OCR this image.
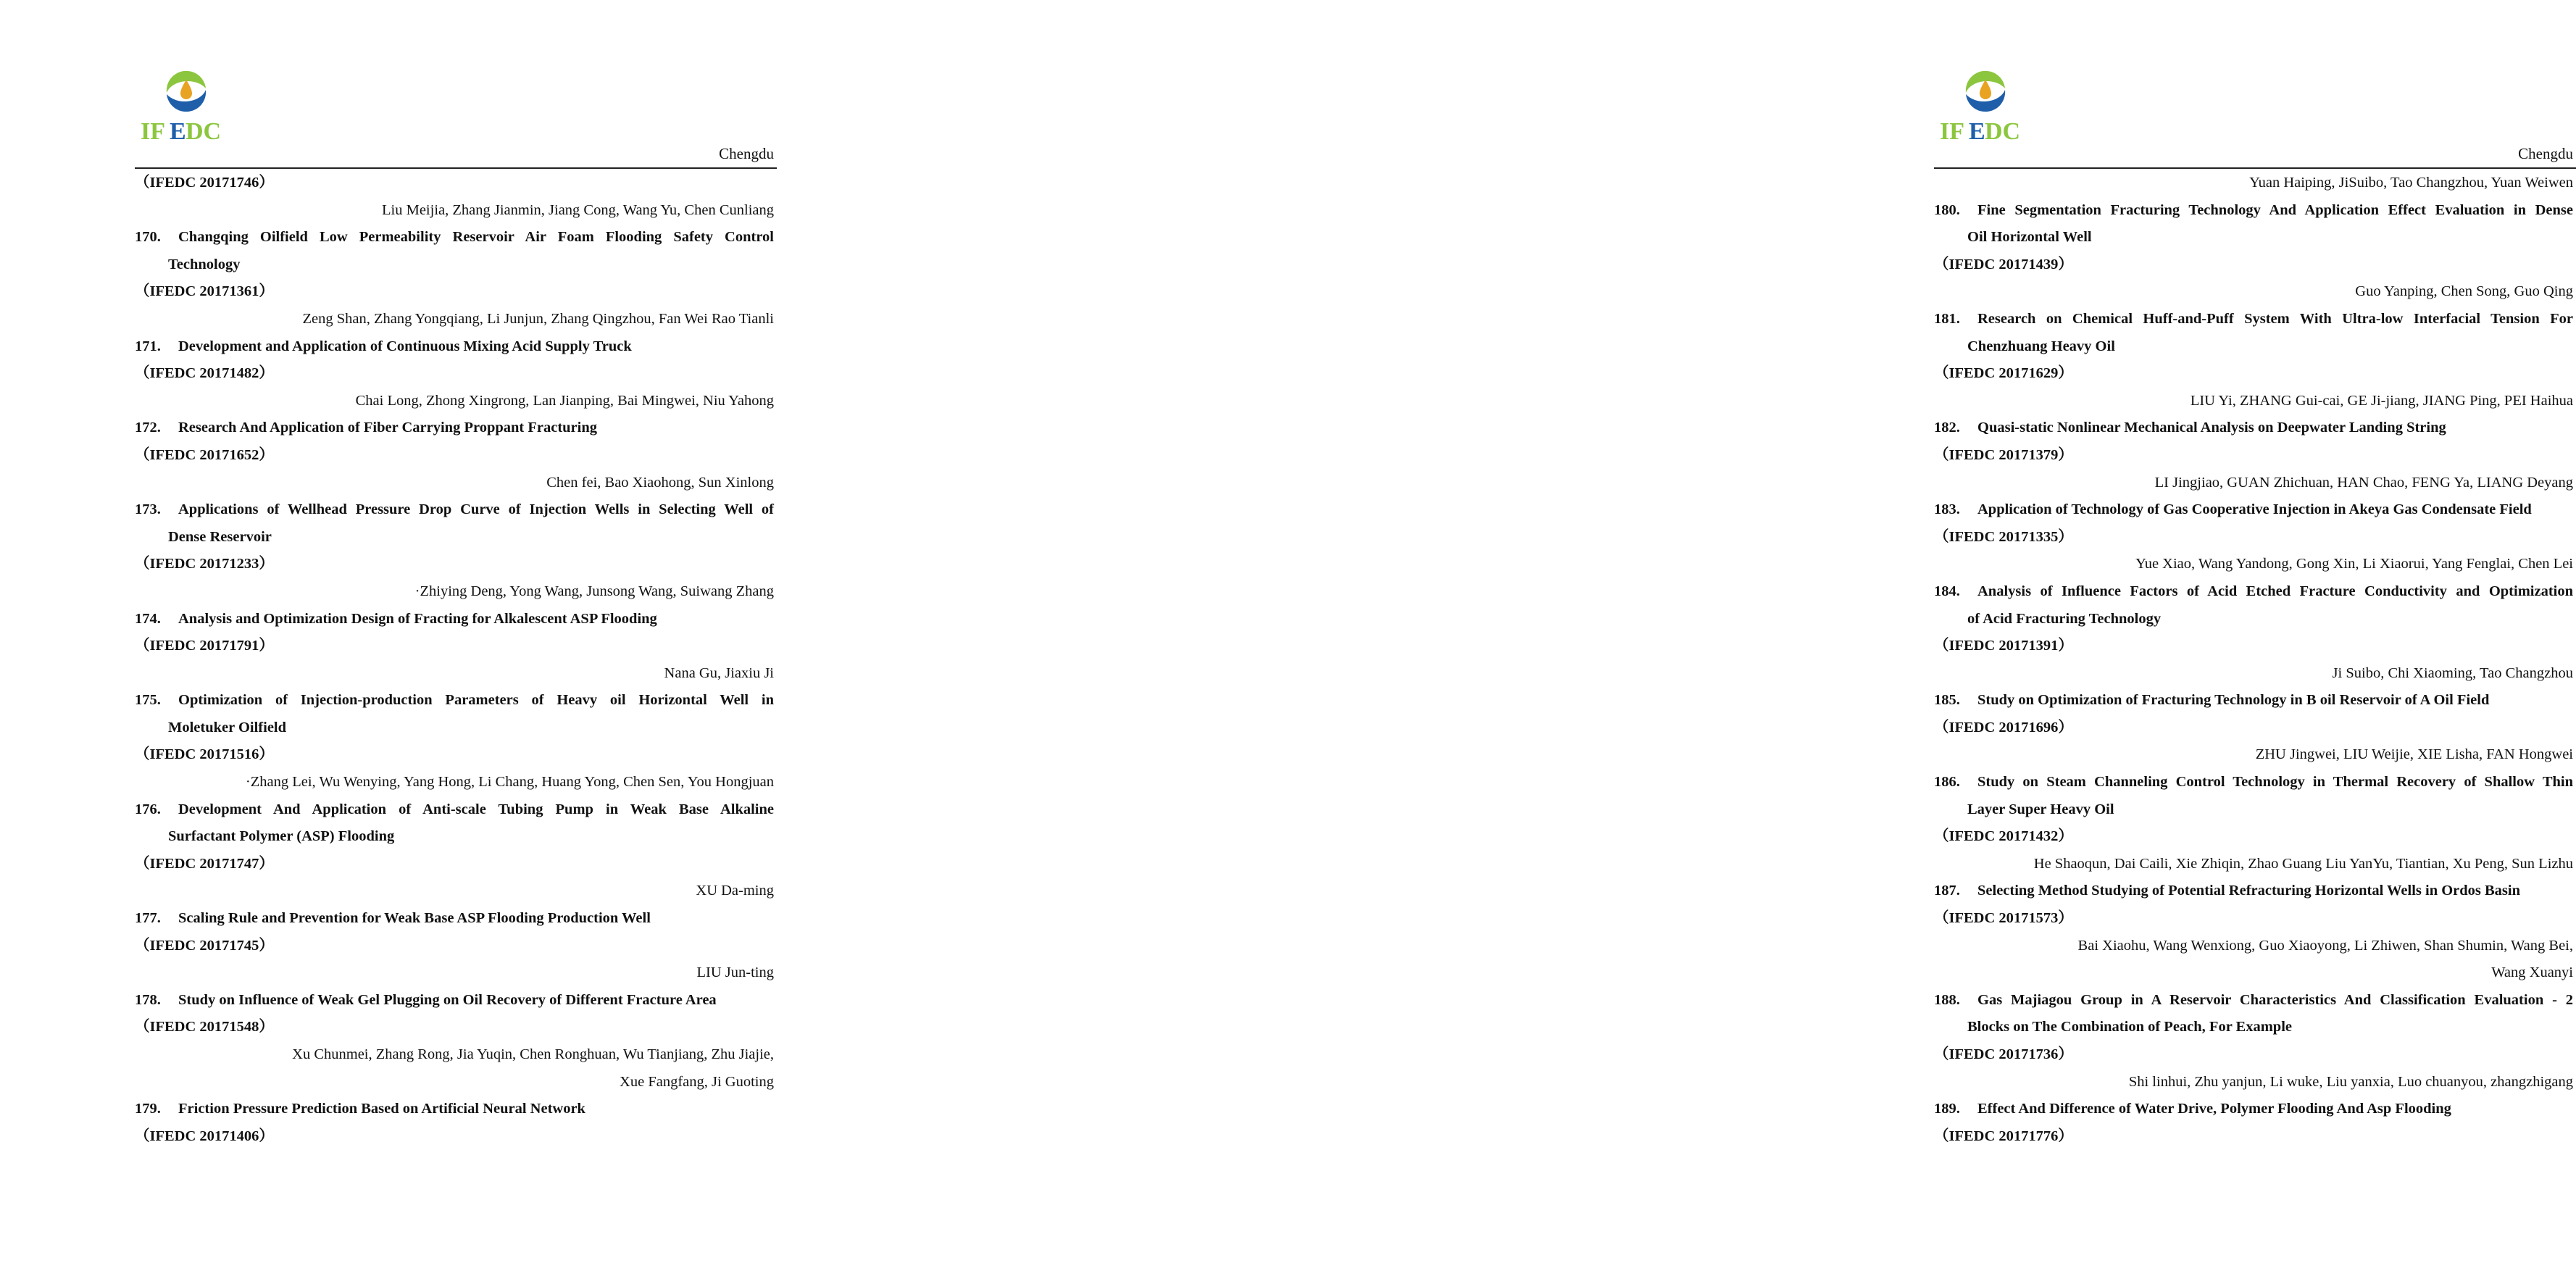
IF E DC
Chengdu
（IFEDC 20171746）
Liu Meijia, Zhang Jianmin, Jiang Cong, Wang Yu, Chen Cunliang
170. Changqing Oilfield Low Permeability Reservoir Air Foam Flooding Safety Control
Technology
（IFEDC 20171361）
Zeng Shan, Zhang Yongqiang, Li Junjun, Zhang Qingzhou, Fan Wei Rao Tianli
171. Development and Application of Continuous Mixing Acid Supply Truck
（IFEDC 20171482）
Chai Long, Zhong Xingrong, Lan Jianping, Bai Mingwei, Niu Yahong
172. Research And Application of Fiber Carrying Proppant Fracturing
（IFEDC 20171652）
Chen fei, Bao Xiaohong, Sun Xinlong
173. Applications of Wellhead Pressure Drop Curve of Injection Wells in Selecting Well of
Dense Reservoir
（IFEDC 20171233）
·Zhiying Deng, Yong Wang, Junsong Wang, Suiwang Zhang
174. Analysis and Optimization Design of Fracting for Alkalescent ASP Flooding
（IFEDC 20171791）
Nana Gu, Jiaxiu Ji
175. Optimization of Injection-production Parameters of Heavy oil Horizontal Well in
Moletuker Oilfield
（IFEDC 20171516）
·Zhang Lei, Wu Wenying, Yang Hong, Li Chang, Huang Yong, Chen Sen, You Hongjuan
176. Development And Application of Anti-scale Tubing Pump in Weak Base Alkaline
Surfactant Polymer (ASP) Flooding
（IFEDC 20171747）
XU Da-ming
177. Scaling Rule and Prevention for Weak Base ASP Flooding Production Well
（IFEDC 20171745）
LIU Jun-ting
178. Study on Influence of Weak Gel Plugging on Oil Recovery of Different Fracture Area
（IFEDC 20171548）
Xu Chunmei, Zhang Rong, Jia Yuqin, Chen Ronghuan, Wu Tianjiang, Zhu Jiajie,
Xue Fangfang, Ji Guoting
179. Friction Pressure Prediction Based on Artificial Neural Network
（IFEDC 20171406）
IF E DC
Chengdu
Yuan Haiping, JiSuibo, Tao Changzhou, Yuan Weiwen
180. Fine Segmentation Fracturing Technology And Application Effect Evaluation in Dense
Oil Horizontal Well
（IFEDC 20171439）
Guo Yanping, Chen Song, Guo Qing
181. Research on Chemical Huff-and-Puff System With Ultra-low Interfacial Tension For
Chenzhuang Heavy Oil
（IFEDC 20171629）
LIU Yi, ZHANG Gui-cai, GE Ji-jiang, JIANG Ping, PEI Haihua
182. Quasi-static Nonlinear Mechanical Analysis on Deepwater Landing String
（IFEDC 20171379）
LI Jingjiao, GUAN Zhichuan, HAN Chao, FENG Ya, LIANG Deyang
183. Application of Technology of Gas Cooperative Injection in Akeya Gas Condensate Field
（IFEDC 20171335）
Yue Xiao, Wang Yandong, Gong Xin, Li Xiaorui, Yang Fenglai, Chen Lei
184. Analysis of Influence Factors of Acid Etched Fracture Conductivity and Optimization
of Acid Fracturing Technology
（IFEDC 20171391）
Ji Suibo, Chi Xiaoming, Tao Changzhou
185. Study on Optimization of Fracturing Technology in B oil Reservoir of A Oil Field
（IFEDC 20171696）
ZHU Jingwei, LIU Weijie, XIE Lisha, FAN Hongwei
186. Study on Steam Channeling Control Technology in Thermal Recovery of Shallow Thin
Layer Super Heavy Oil
（IFEDC 20171432）
He Shaoqun, Dai Caili, Xie Zhiqin, Zhao Guang Liu YanYu, Tiantian, Xu Peng, Sun Lizhu
187. Selecting Method Studying of Potential Refracturing Horizontal Wells in Ordos Basin
（IFEDC 20171573）
Bai Xiaohu, Wang Wenxiong, Guo Xiaoyong, Li Zhiwen, Shan Shumin, Wang Bei,
Wang Xuanyi
188. Gas Majiagou Group in A Reservoir Characteristics And Classification Evaluation - 2
Blocks on The Combination of Peach, For Example
（IFEDC 20171736）
Shi linhui, Zhu yanjun, Li wuke, Liu yanxia, Luo chuanyou, zhangzhigang
189. Effect And Difference of Water Drive, Polymer Flooding And Asp Flooding
（IFEDC 20171776）
